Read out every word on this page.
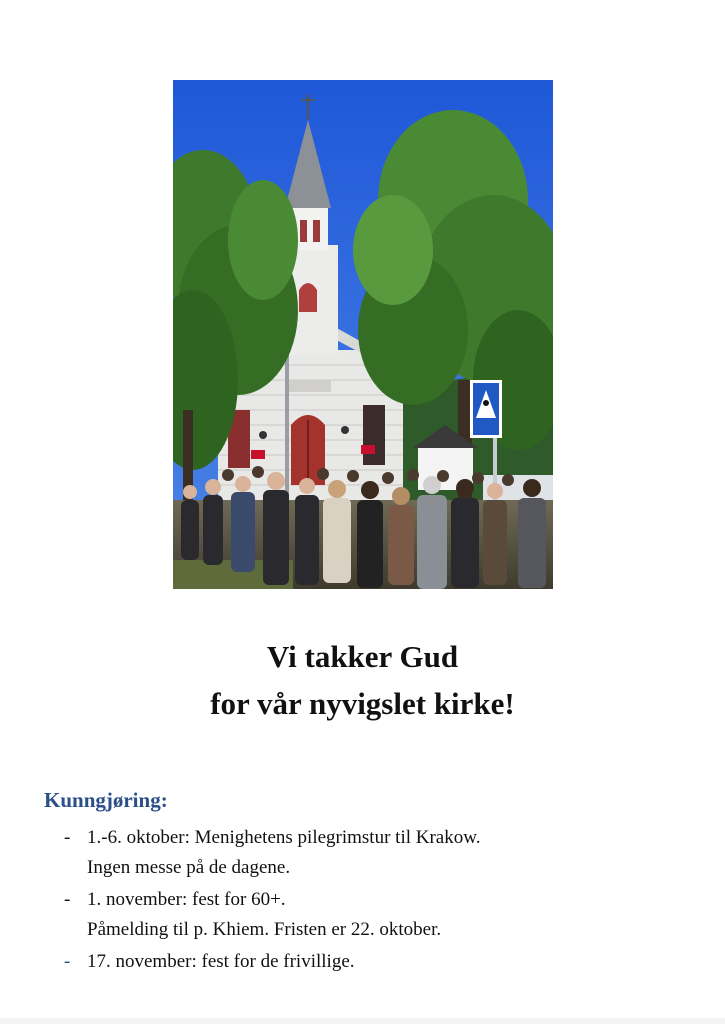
Vi takker Gud
for vår nyvigslet kirke!
Kunngjøring:
- 1.-6. oktober: Menighetens pilegrimstur til Krakow.
Ingen messe på de dagene.
- 1. november: fest for 60+.
Påmelding til p. Khiem. Fristen er 22. oktober.
- 17. november: fest for de frivillige.
